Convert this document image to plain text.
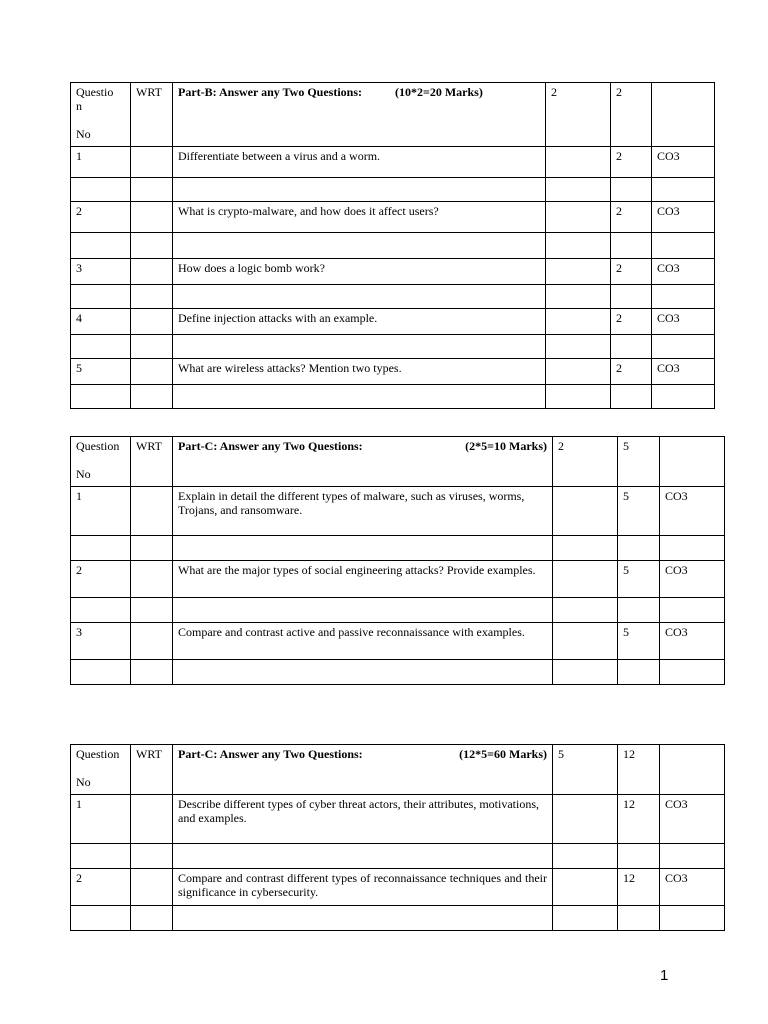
Questio
n

No	WRT	Part-B: Answer any Two Questions: (10*2=20 Marks)	2	2	
1		Differentiate between a virus and a worm.		2	CO3

2		What is crypto-malware, and how does it affect users?		2	CO3

3		How does a logic bomb work?		2	CO3

4		Define injection attacks with an example.		2	CO3

5		What are wireless attacks? Mention two types.		2	CO3

Question

No	WRT	Part-C: Answer any Two Questions: (2*5=10 Marks)	2	5	
1		Explain in detail the different types of malware, such as viruses, worms, Trojans, and ransomware.		5	CO3

2		What are the major types of social engineering attacks? Provide examples.		5	CO3

3		Compare and contrast active and passive reconnaissance with examples.		5	CO3

Question

No	WRT	Part-C: Answer any Two Questions: (12*5=60 Marks)	5	12	
1		Describe different types of cyber threat actors, their attributes, motivations, and examples.		12	CO3

2		Compare and contrast different types of reconnaissance techniques and their significance in cybersecurity.		12	CO3

1
